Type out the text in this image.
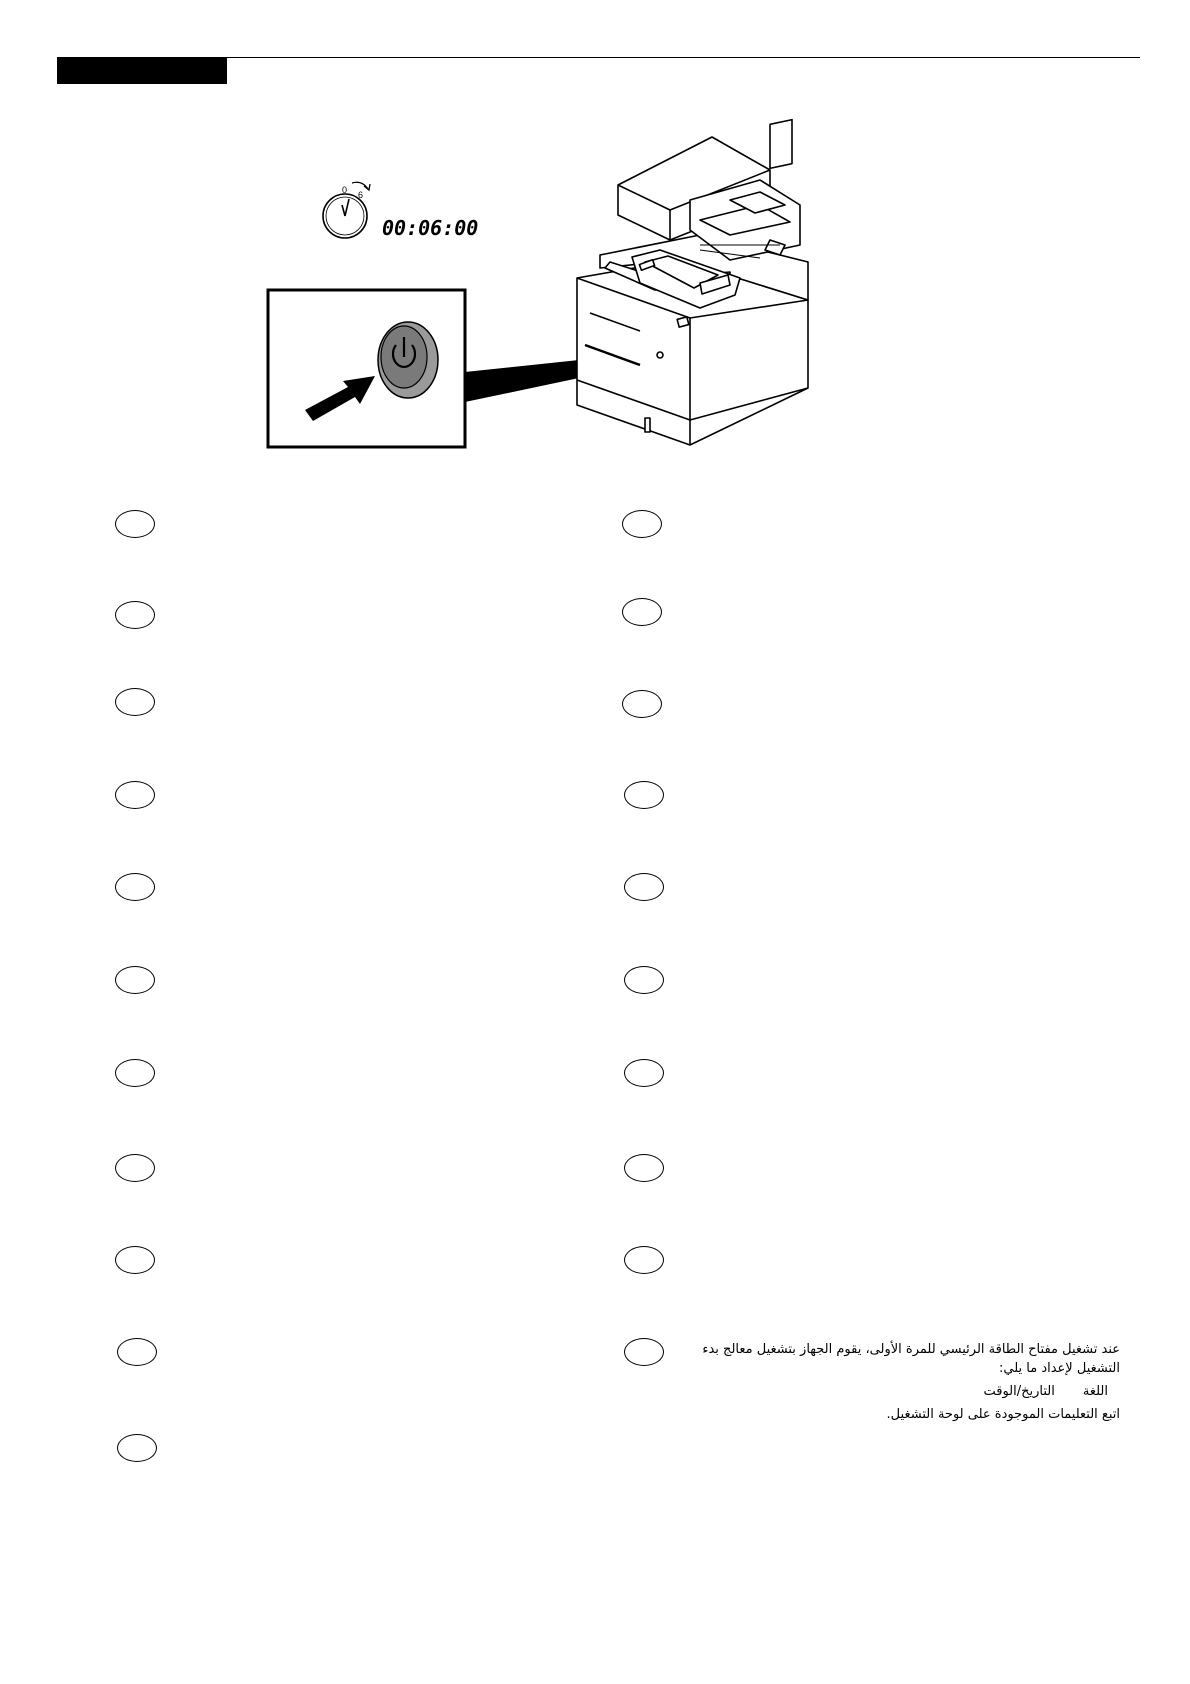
0 6
00:06:00

عند تشغيل مفتاح الطاقة الرئيسي للمرة الأولى، يقوم الجهاز بتشغيل معالج بدء

التشغيل لإعداد ما يلي:

اللغةالتاريخ/الوقت

اتبع التعليمات الموجودة على لوحة التشغيل.
